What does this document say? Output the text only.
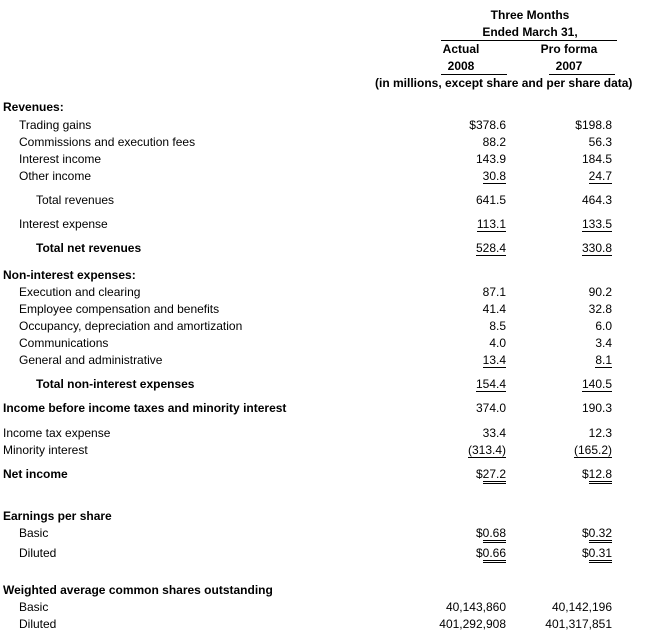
Three Months
Ended March 31,
Actual	Pro forma
2008	2007
(in millions, except share and per share data)
Revenues:
Trading gains	$378.6	$198.8
Commissions and execution fees	88.2	56.3
Interest income	143.9	184.5
Other income	30.8	24.7
Total revenues	641.5	464.3
Interest expense	113.1	133.5
Total net revenues	528.4	330.8
Non-interest expenses:
Execution and clearing	87.1	90.2
Employee compensation and benefits	41.4	32.8
Occupancy, depreciation and amortization	8.5	6.0
Communications	4.0	3.4
General and administrative	13.4	8.1
Total non-interest expenses	154.4	140.5
Income before income taxes and minority interest	374.0	190.3
Income tax expense	33.4	12.3
Minority interest	(313.4)	(165.2)
Net income	$27.2	$12.8
Earnings per share
Basic	$0.68	$0.32
Diluted	$0.66	$0.31
Weighted average common shares outstanding
Basic	40,143,860	40,142,196
Diluted	401,292,908	401,317,851
